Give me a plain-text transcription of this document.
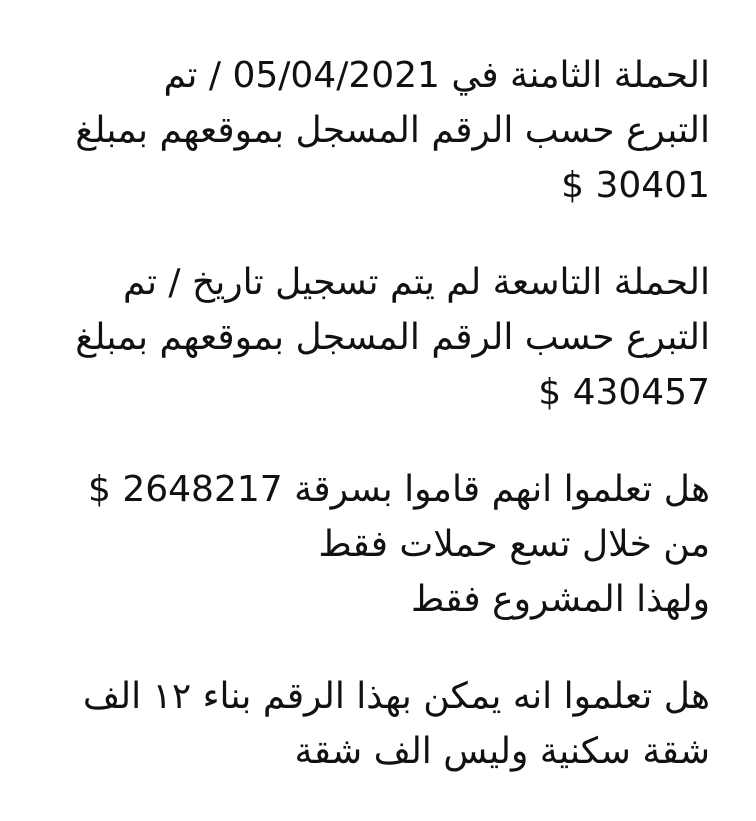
الحملة الثامنة في 05/04/2021 / تم
التبرع حسب الرقم المسجل بموقعهم بمبلغ
$ 30401
الحملة التاسعة لم يتم تسجيل تاريخ / تم
التبرع حسب الرقم المسجل بموقعهم بمبلغ
$ 430457
هل تعلموا انهم قاموا بسرقة 2648217 $
من خلال تسع حملات فقط
ولهذا المشروع فقط
هل تعلموا انه يمكن بهذا الرقم بناء ١٢ الف
شقة سكنية وليس الف شقة
